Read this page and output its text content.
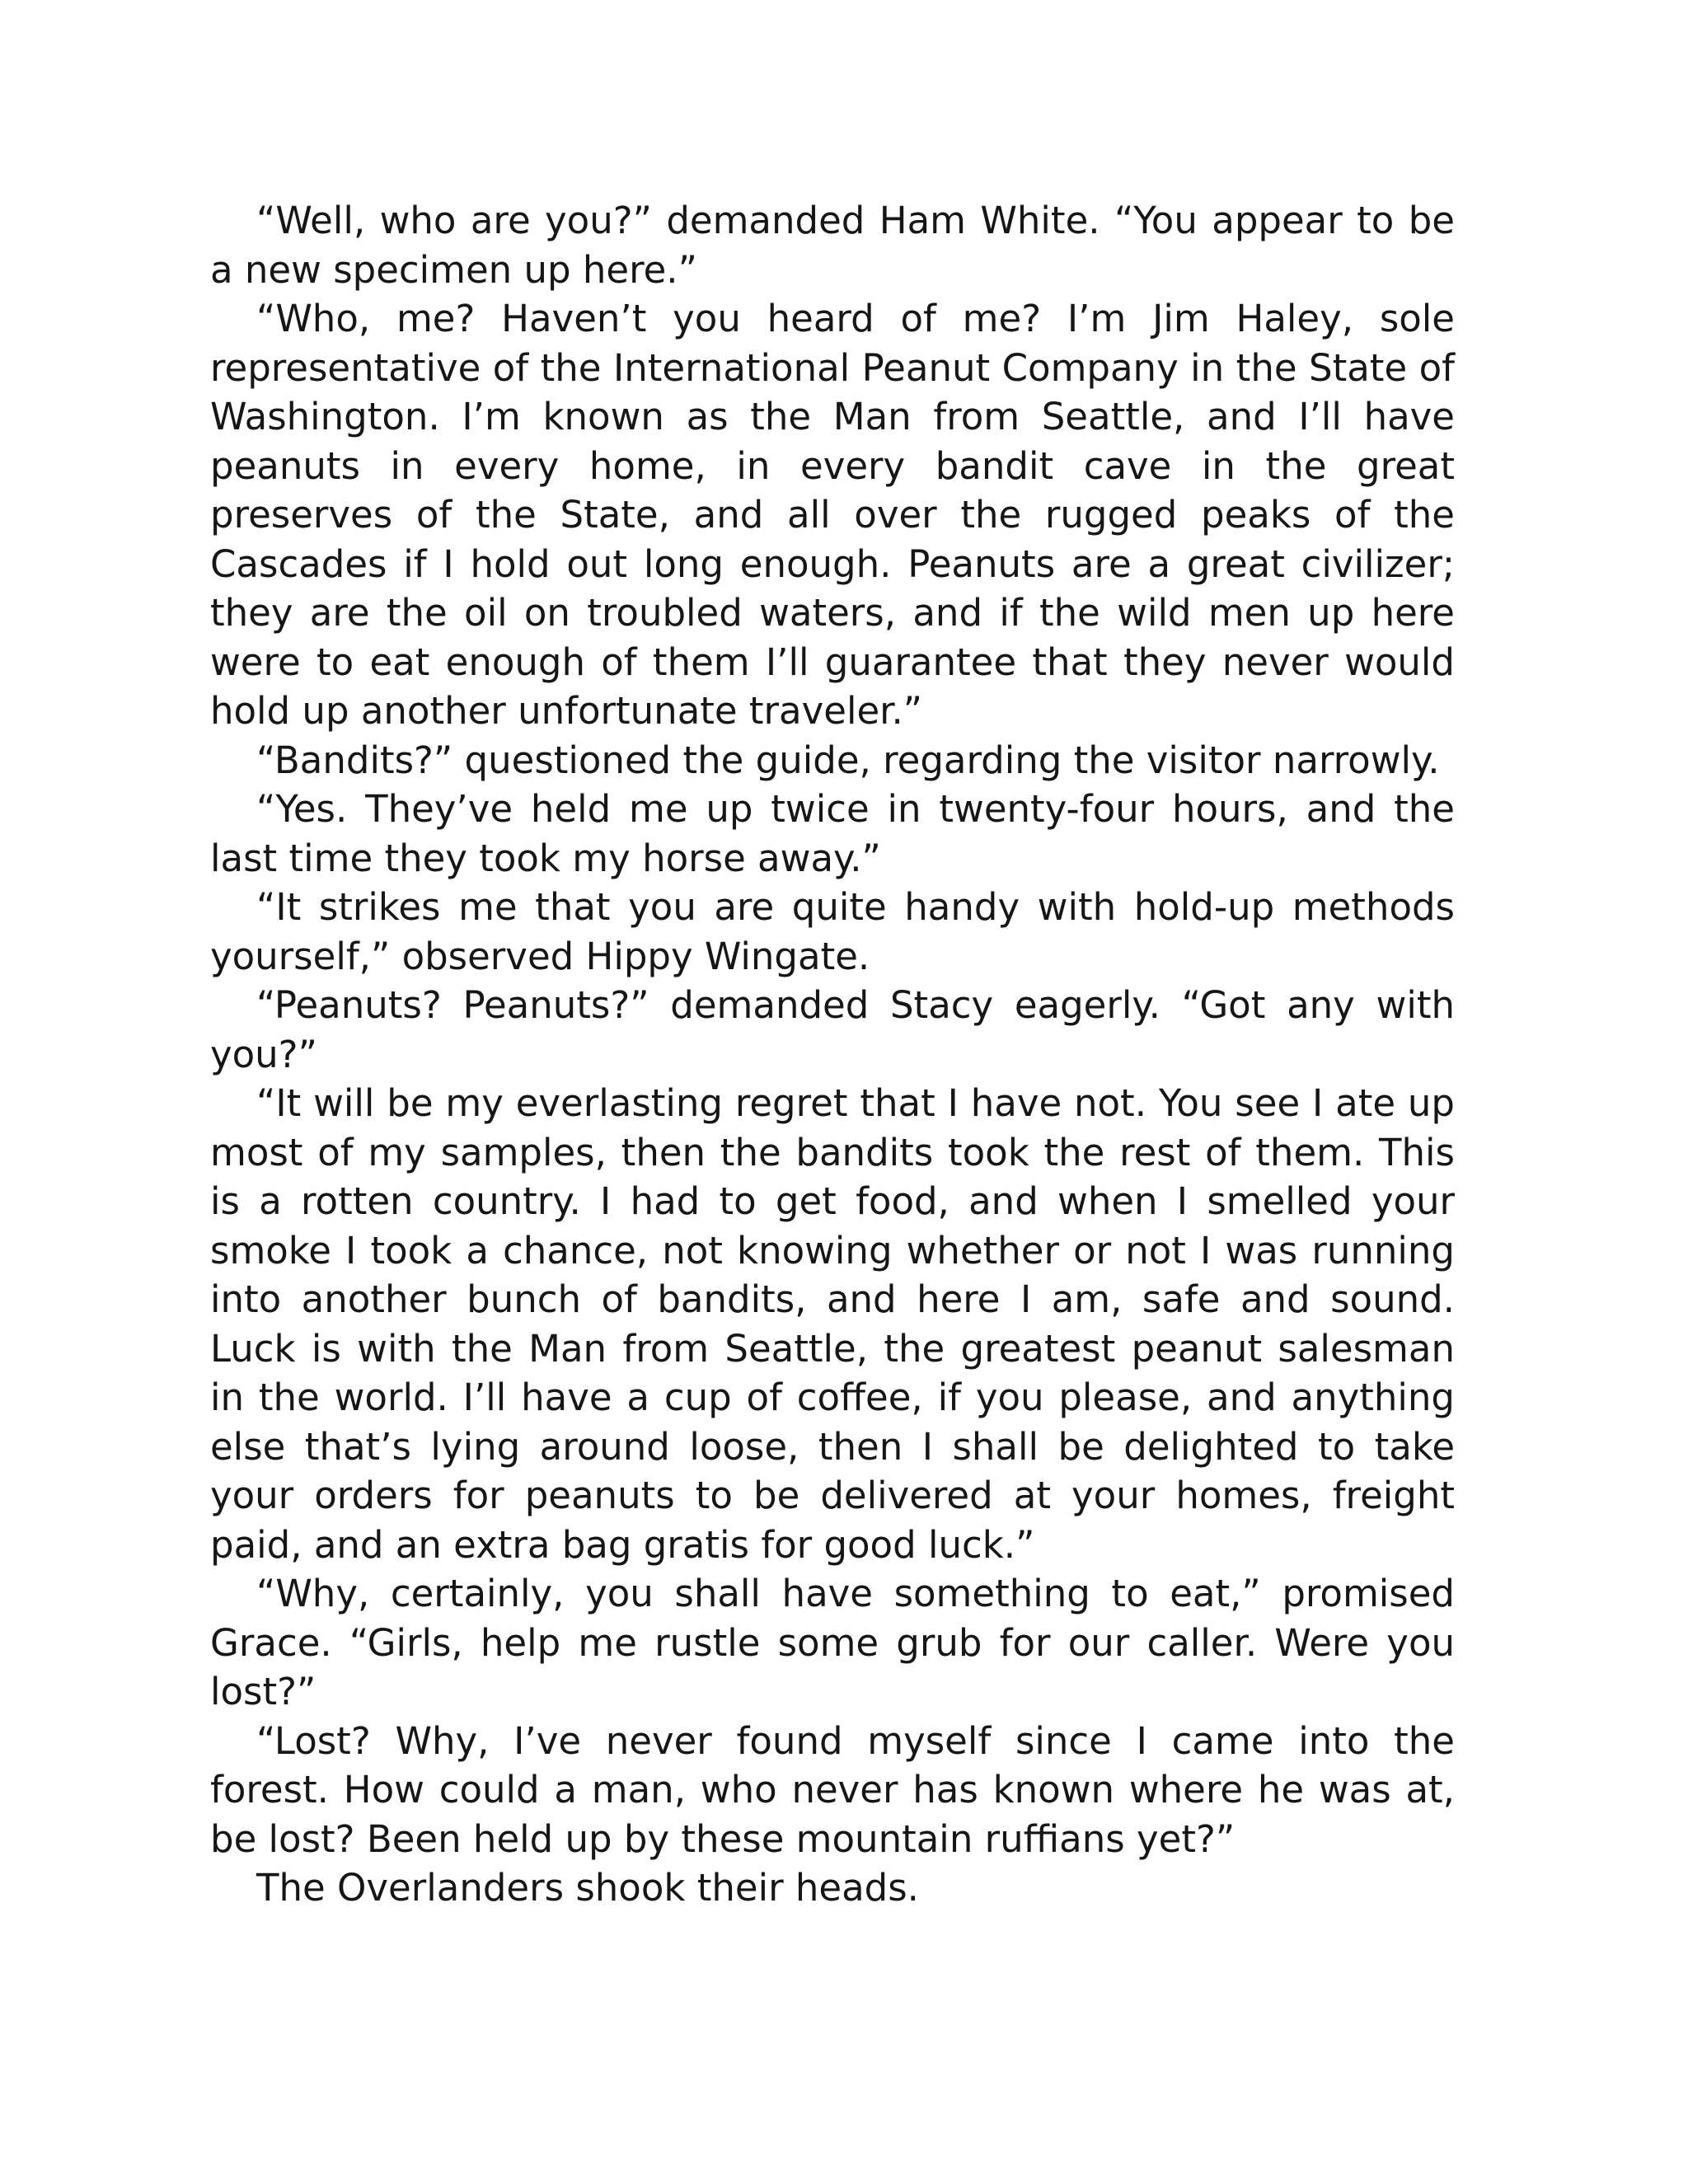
“Well, who are you?” demanded Ham White. “You appear to be a new specimen up here.”

“Who, me? Haven’t you heard of me? I’m Jim Haley, sole representative of the International Peanut Company in the State of Washington. I’m known as the Man from Seattle, and I’ll have peanuts in every home, in every bandit cave in the great preserves of the State, and all over the rugged peaks of the Cascades if I hold out long enough. Peanuts are a great civilizer; they are the oil on troubled waters, and if the wild men up here were to eat enough of them I’ll guarantee that they never would hold up another unfortunate traveler.”

“Bandits?” questioned the guide, regarding the visitor narrowly.

“Yes. They’ve held me up twice in twenty-four hours, and the last time they took my horse away.”

“It strikes me that you are quite handy with hold-up methods yourself,” observed Hippy Wingate.

“Peanuts? Peanuts?” demanded Stacy eagerly. “Got any with you?”

“It will be my everlasting regret that I have not. You see I ate up most of my samples, then the bandits took the rest of them. This is a rotten country. I had to get food, and when I smelled your smoke I took a chance, not knowing whether or not I was running into another bunch of bandits, and here I am, safe and sound. Luck is with the Man from Seattle, the greatest peanut salesman in the world. I’ll have a cup of coffee, if you please, and anything else that’s lying around loose, then I shall be delighted to take your orders for peanuts to be delivered at your homes, freight paid, and an extra bag gratis for good luck.”

“Why, certainly, you shall have something to eat,” promised Grace. “Girls, help me rustle some grub for our caller. Were you lost?”

“Lost? Why, I’ve never found myself since I came into the forest. How could a man, who never has known where he was at, be lost? Been held up by these mountain ruffians yet?”

The Overlanders shook their heads.
